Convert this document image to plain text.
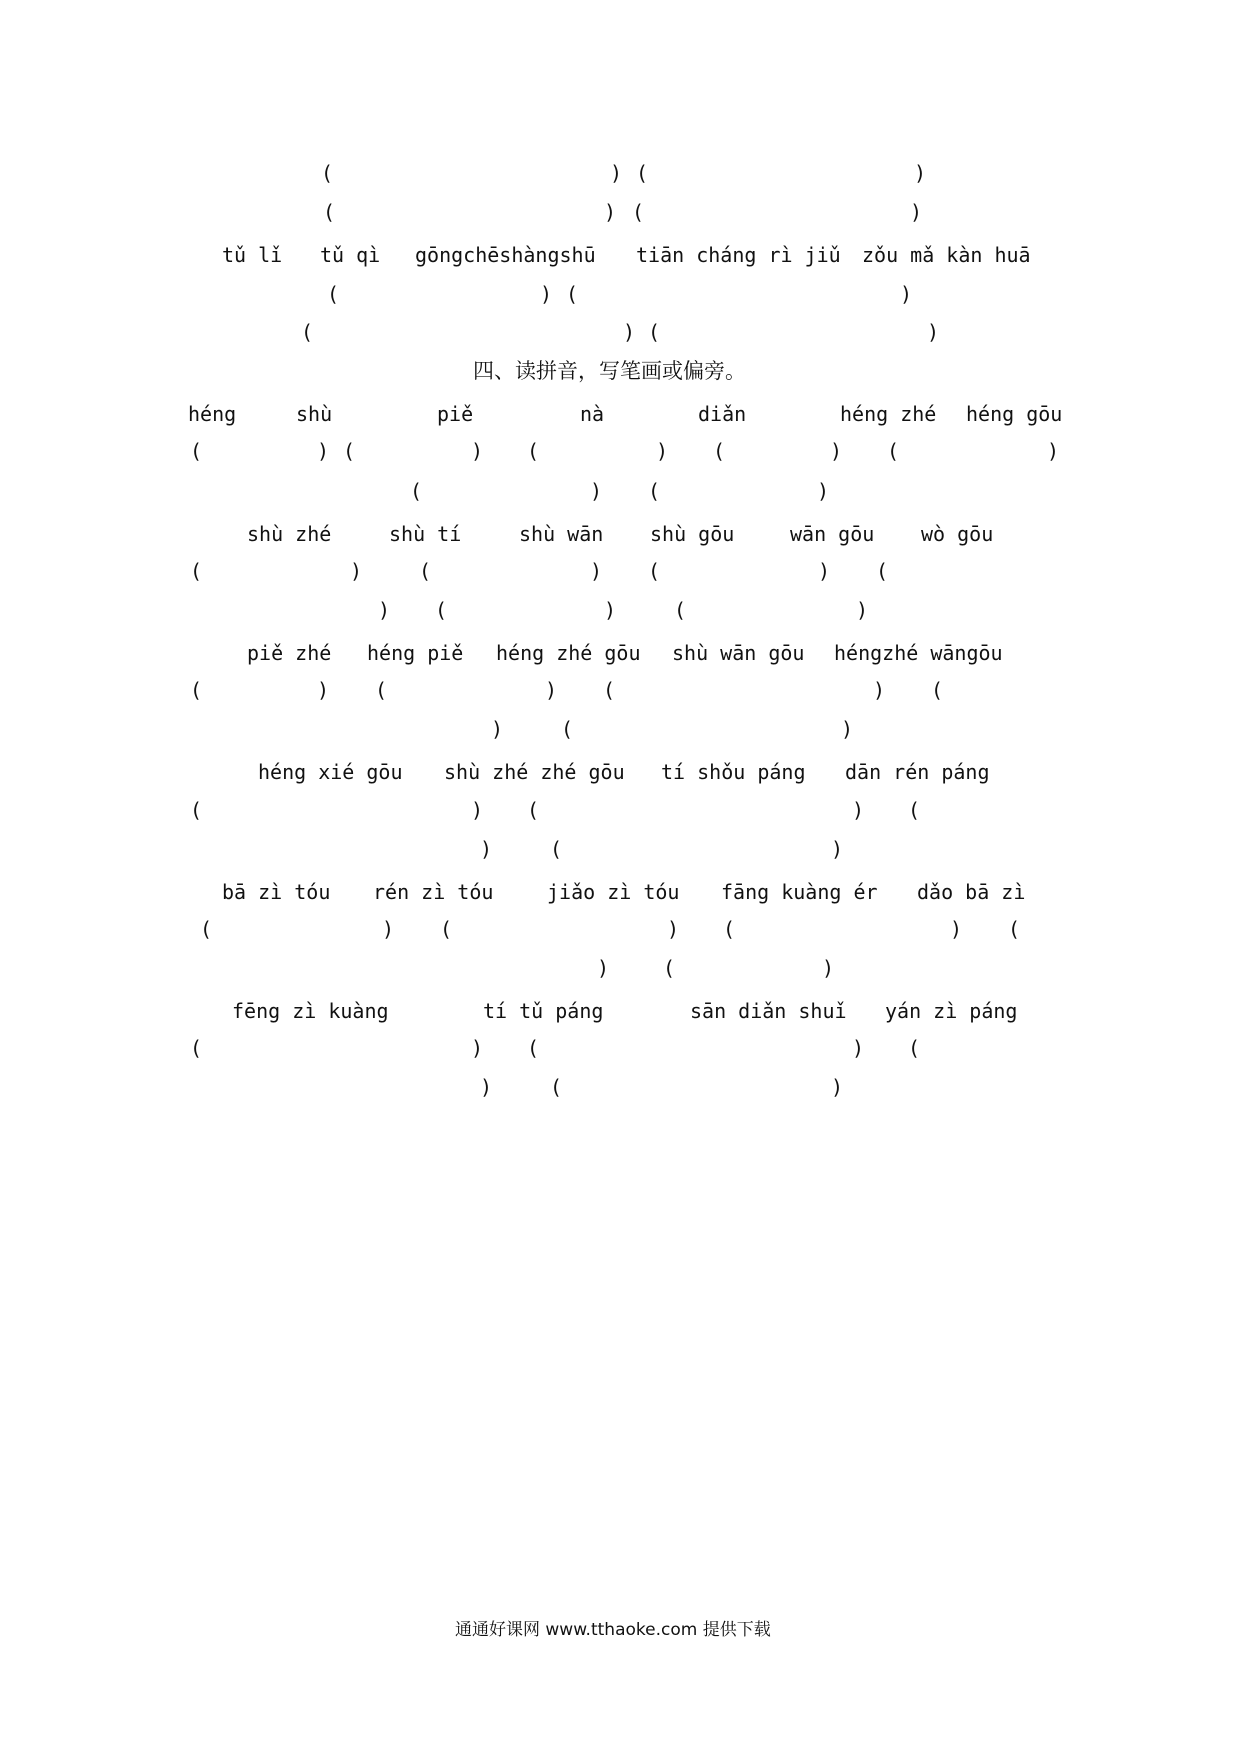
(	) (	)
(	) (	)
tǔ lǐ tǔ qì gōngchēshàngshū tiān cháng rì jiǔ zǒu mǎ kàn huā
(	) (	)
(	) (	)
四、读拼音，写笔画或偏旁。
héng	shù	piě	nà	diǎn	héng zhé héng gōu
(	) (	) (	) (	) (	)
(	) (	)
shù zhé	shù tí	shù wān shù gōu	wān gōu wò gōu
(	)	(	) (	) (
) (	)	(	)
piě zhé héng piě héng zhé gōu shù wān gōu héngzhé wāngōu
(	) (	) (	) (
)	(	)
héng xié gōu shù zhé zhé gōu tí shǒu páng dān rén páng
(	) (	) (
)	(	)
bā zì tóu rén zì tóu	jiǎo zì tóu fāng kuàng ér dǎo bā zì
(	) (	) (	) (
)	(	)
fēng zì kuàng	tí tǔ páng	sān diǎn shuǐ yán zì páng
(	) (	) (
)	(	)
通通好课网 www.tthaoke.com 提供下载
